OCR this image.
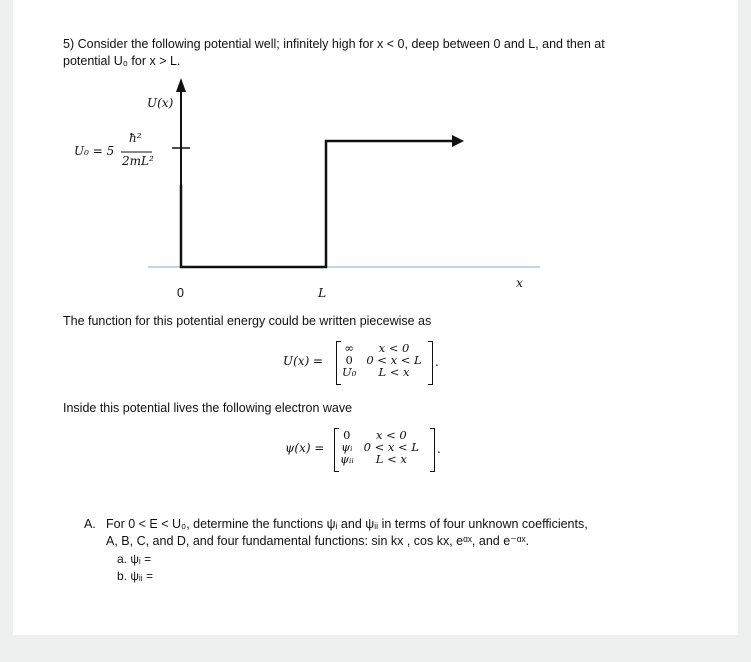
5) Consider the following potential well; infinitely high for x < 0, deep between 0 and L, and then at
potential U₀ for x > L.
U(x)
U₀ = 5
ħ²
2mL²
0	L
x
The function for this potential energy could be written piecewise as
U(x) =
∞	x < 0
0	0 < x < L
U₀	L < x
.
Inside this potential lives the following electron wave
ψ(x) =
0	x < 0
ψᵢ 0 < x < L
ψᵢᵢ	L < x
.
A. For 0 < E < U₀, determine the functions ψᵢ and ψᵢᵢ in terms of four unknown coefficients,
A, B, C, and D, and four fundamental functions: sin kx , cos kx, eᵅˣ, and e⁻ᵅˣ.
a. ψᵢ =
b. ψᵢᵢ =
